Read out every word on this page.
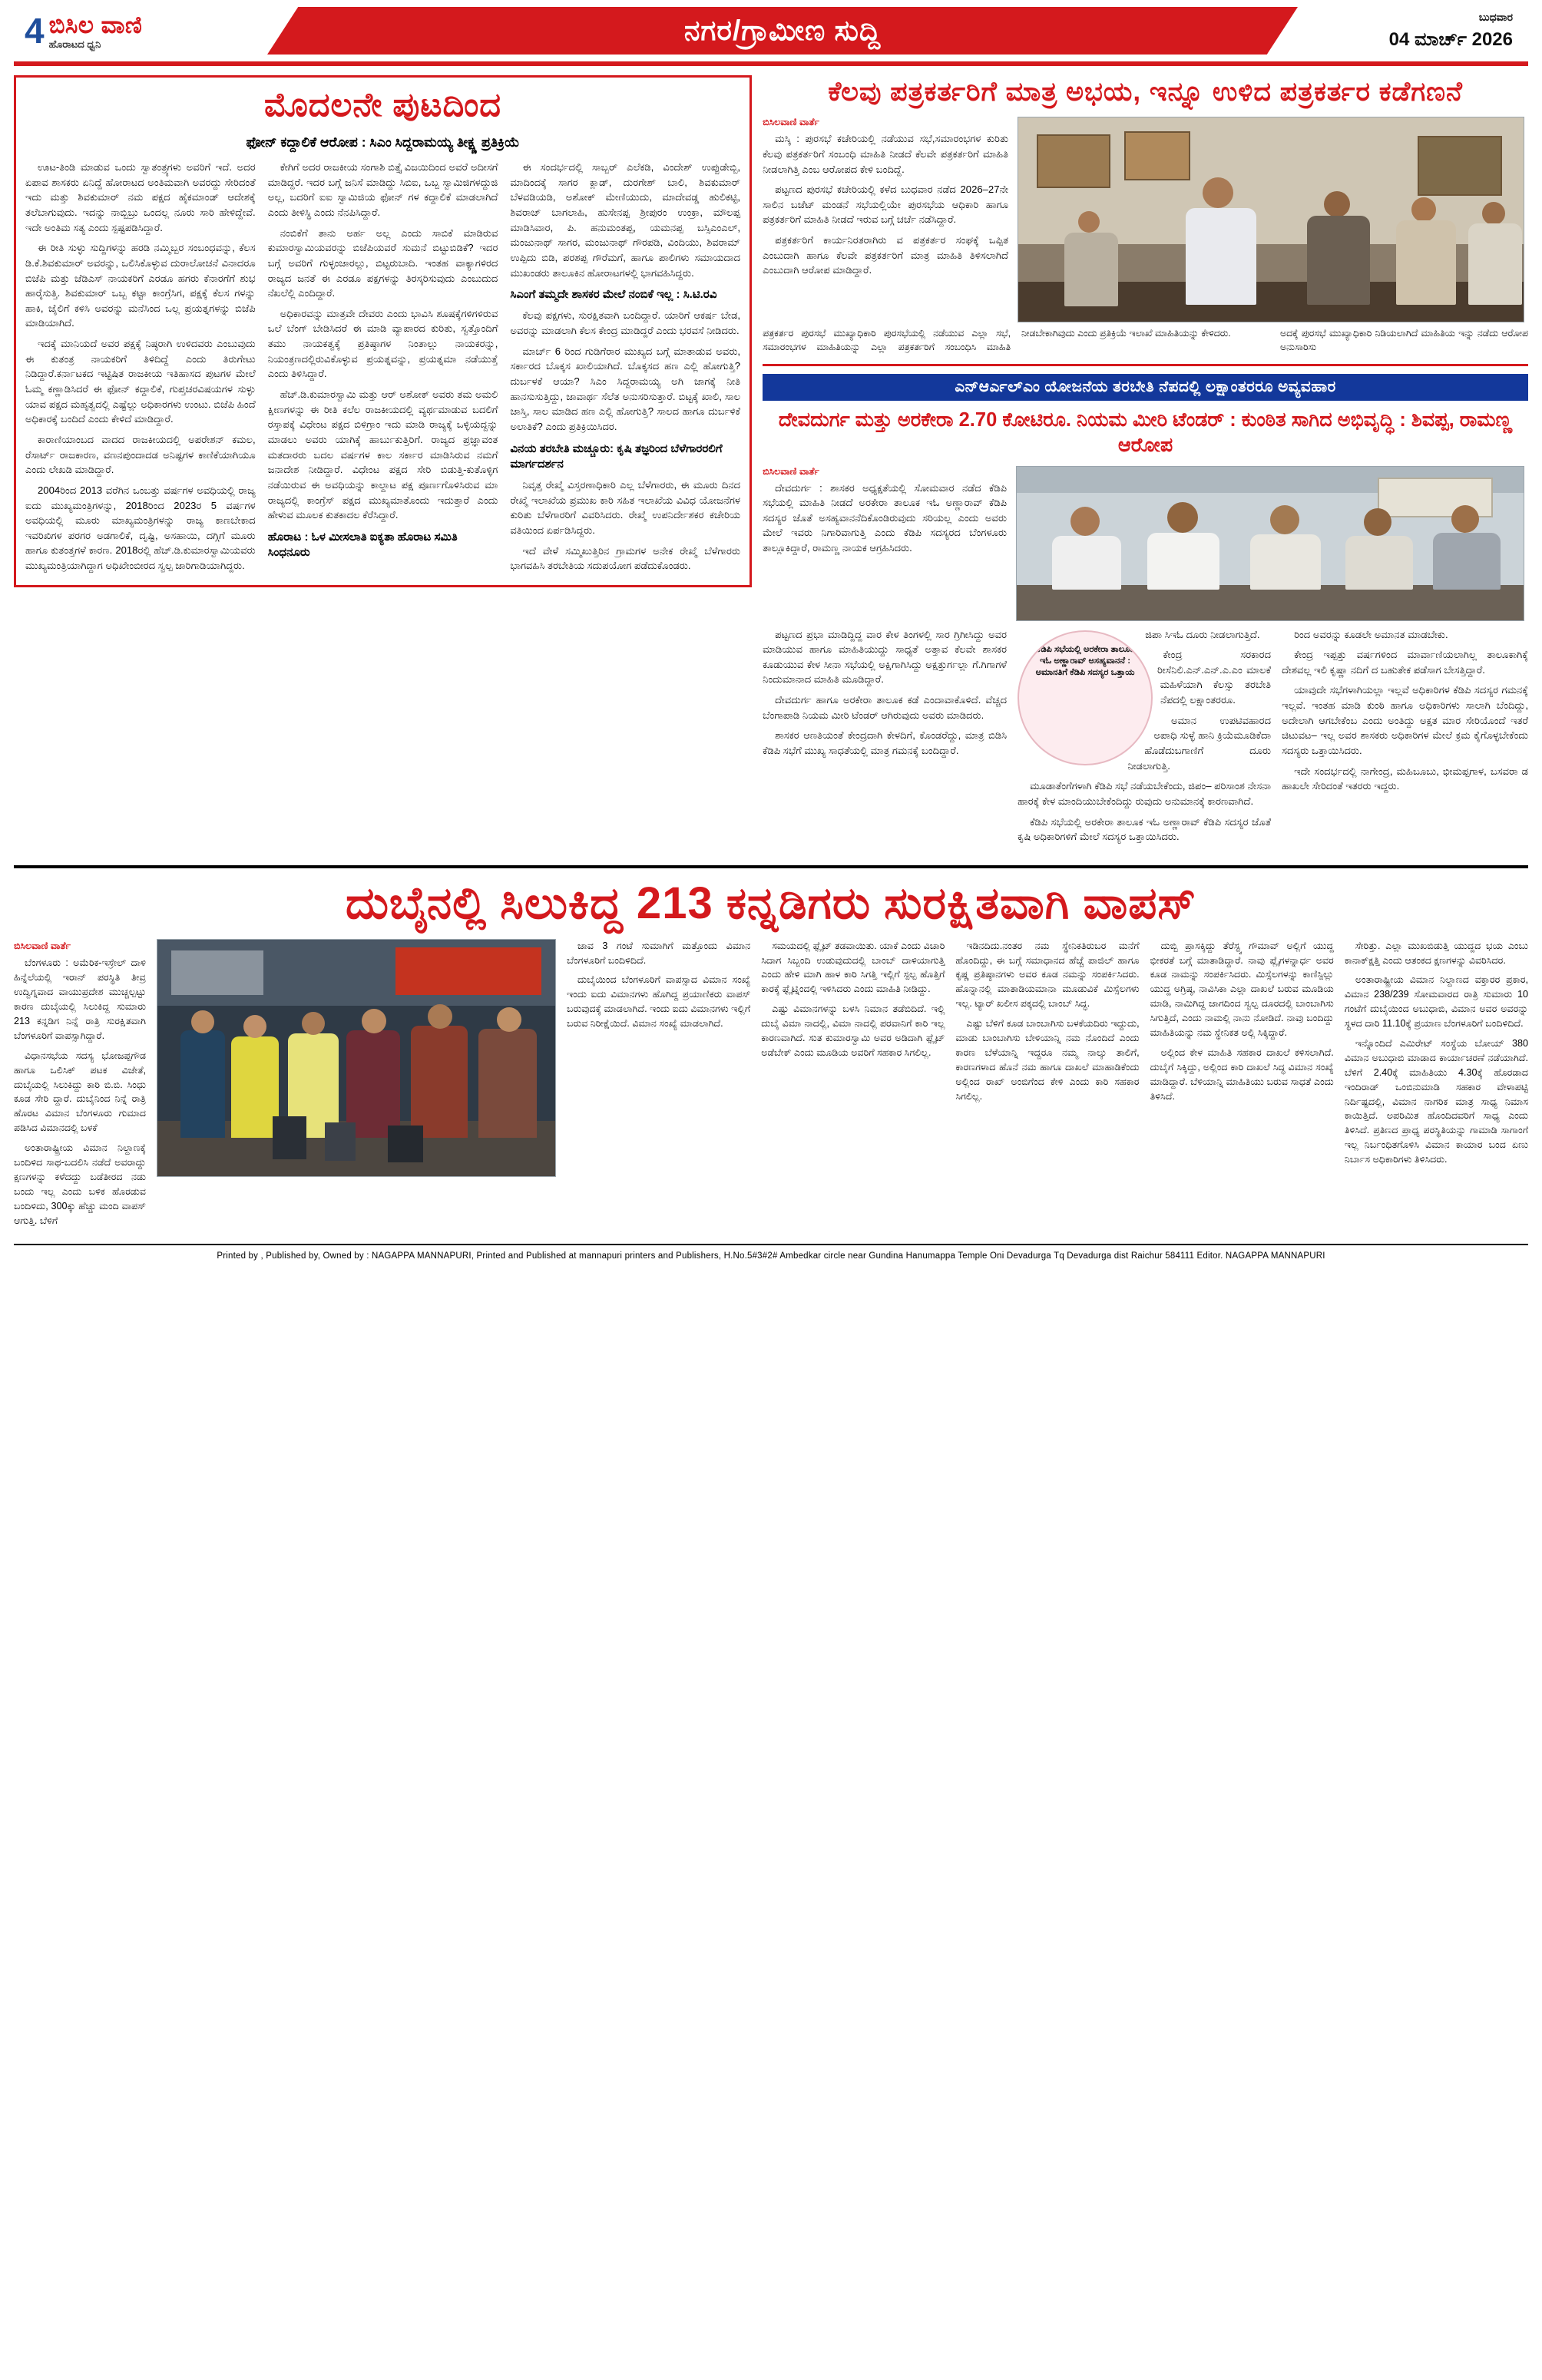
4 ಬಿಸಿಲ ವಾಣಿ
ಹೊರಾಟದ ಧ್ವನಿ	ನಗರ/ಗ್ರಾಮೀಣ ಸುದ್ದಿ	ಬುಧವಾರ
04 ಮಾರ್ಚ್ 2026
ಮೊದಲನೇ ಪುಟದಿಂದ
ಫೋನ್ ಕದ್ದಾಲಿಕೆ ಆರೋಪ : ಸಿಎಂ ಸಿದ್ದರಾಮಯ್ಯ ತೀಕ್ಷ್ಣ ಪ್ರತಿಕ್ರಿಯೆ

ಊಟ-ತಿಂಡಿ ಮಾಡುವ ಒಂದು ಸ್ವಾತಂತ್ರ್ಯಗಳು ಅವರಿಗೆ ಇದೆ. ಅದರ ಏಪಾವ ಶಾಸಕರು ಏನಿದ್ದೆ ಹೋರಾಟದ ಅಂತಿಮವಾಗಿ ಅವರದ್ದು ಸೇರಿದಂತೆ ಇದು ಮತ್ತು ಶಿವಕುಮಾರ್ ನಮ ಪಕ್ಷದ ಹೈಕಮಾಂಡ್ ಆದೇಶಕ್ಕೆ ತಲೆಬಾಗುವುದು. ಇದನ್ನು ನಾಬ್ಬಿಬ್ರು ಒಂದಲ್ಲ ನೂರು ಸಾರಿ ಹೇಳಿದ್ದೇವೆ. ಇದೇ ಅಂತಿಮ ಸತ್ಯ ಎಂದು ಸ್ಪಷ್ಟಪಡಿಸಿದ್ದಾರೆ.

ಈ ರೀತಿ ಸುಳ್ಳು ಸುದ್ದಿಗಳನ್ನು ಹರಡಿ ನಮ್ಮಿಬ್ಬರ ಸಂಬಂಧವನ್ನು, ಕೆಲಸ ಡಿ.ಕೆ.ಶಿವಕುಮಾರ್ ಅವರನ್ನು, ಒಲಿಸಿಕೊಳ್ಳುವ ದುರಾಲೋಚನೆ ವಿನಾದರೂ ಬಿಜೆಪಿ ಮತ್ತು ಜೆಡಿಎಸ್ ನಾಯಕರಿಗೆ ಎರಡೂ ಹಗರು ಕೆನಾರಗೆಗೆ ಶುಭ ಹಾರೈಸುತ್ತಿ. ಶಿವಕುಮಾರ್ ಒಬ್ಬ ಕಟ್ಟಾ ಕಾಂಗ್ರೆಸಿಗ, ಪಕ್ಷಕ್ಕೆ ಕೆಲಸ ಗಳನ್ನು ಹಾಕಿ, ಜೈಲಿಗೆ ಕಳಿಸಿ ಅವರನ್ನು ಮನೆಸಿಂದ ಒಲ್ಲ ಪ್ರಯತ್ನಗಳನ್ನು ಬಿಜೆಪಿ ಮಾಡಿಯಾಗಿದೆ.

ಇದಕ್ಕೆ ಮಾನಿಯದೆ ಅವರ ಪಕ್ಷಕ್ಕೆ ನಿಷ್ಠರಾಗಿ ಉಳಿದವರು ಎಂಬುವುದು ಈ ಕುತಂತ್ರ ನಾಯಕರಿಗೆ ತಿಳಿದಿದ್ದೆ ಎಂದು ತಿರುಗೇಟು ನಿಡಿದ್ದಾರೆ.ಕರ್ನಾಟಕದ ಇಟ್ಟಿಷಿತ ರಾಜಕೀಯ ಇತಿಹಾಸದ ಪುಟಗಳ ಮೇಲೆ ಓಮ್ಮ ಕಣ್ಣಾಡಿಸಿದರೆ ಈ ಫೋನ್ ಕದ್ದಾಲಿಕೆ, ಗುಪ್ತಚರವಿಷಯಗಳ ಸುಳ್ಳು ಯಾವ ಪಕ್ಷದ ಮಹೃತ್ವದಲ್ಲಿ ಎಷ್ಟೆಲ್ಲು ಅಧಿಕಾರಗಳು ಉಂಟು. ಬಿಜೆಪಿ ಹಿಂದೆ ಅಧಿಕಾರಕ್ಕೆ ಬಂದಿದೆ ಎಂದು ಕೇಳಿದೆ ಮಾಡಿದ್ದಾರೆ.

ಕಾರಾಣಿಯಾಂಬದ ವಾದದ ರಾಜಕೀಯದಲ್ಲಿ ಅಪರೇಶನ್ ಕಮಲ, ರೆಸಾರ್ಟ್ ರಾಜಕಾರಣ, ವಣನಪುಂದಾದಡ ಅನಿಷ್ಟಗಳ ಕಾಣಿಕೆಯಾಗಿಯೂ ಎಂದು ಲೇಖಡಿ ಮಾಡಿದ್ದಾರೆ.

2004ರಿಂದ 2013 ವರೆಗಿನ ಒಂಬತ್ತು ವರ್ಷಗಳ ಅವಧಿಯಲ್ಲಿ ರಾಜ್ಯ ಐದು ಮುಖ್ಯಮಂತ್ರಿಗಳನ್ನು, 2018ರಿಂದ 2023ರ 5 ವರ್ಷಗಳ ಅವಧಿಯಲ್ಲಿ ಮೂರು ಮಾಖ್ಯಮಂತ್ರಿಗಳನ್ನು ರಾಜ್ಯ ಕಾಣಬೇಕಾದ ಇವರಿಖಿಗಳ ಪರಗರ ಅಡಗಾಲಿಕೆ, ದೃಷ್ಟಿ, ಅಸಹಾಯಿ, ದಗ್ಗಿಗೆ ಮೂರು ಹಾಗೂ ಕುತಂತ್ತಗಳೆ ಕಾರಣ. 2018ರಲ್ಲಿ ಹೆಚ್.ಡಿ.ಕುಮಾರಸ್ವಾಮಿಯವರು ಮುಖ್ಯಮಂತ್ರಿಯಾಗಿದ್ದಾಗ ಅಧಿಖೇಂಬೀರದ ಸ್ವಲ್ಪ ಜಾರಿಗಾಡಿಯಾಗಿದ್ದರು.

ಕೇಗಿಗೆ ಅದರ ರಾಜಕೀಯ ಸಂಗಾಶಿ ಬಿತ್ತೈ ವಿಜಯಿದಿಂದ ಅವರೆ ಅದೀಸಗೆ ಮಾಡಿದ್ದರೆ. ಇದರ ಬಗ್ಗೆ ಜನಿಸೆ ಮಾಡಿದ್ದು ಸಿಬಿಐ, ಒಬ್ಬ ಸ್ವಾಮಿಜಿಗಳದ್ದುಜಿ ಅಲ್ಲ, ಬದರಿಗೆ ಐಐ ಸ್ವಾಮಿಜಿಯ ಫೋನ್ ಗಳ ಕದ್ದಾಲಿಕೆ ಮಾಡಲಾಗಿದೆ ಎಂದು ತೀಳಿಸ್ಥಿ ಎಂದು ನೆನಪಿಸಿದ್ದಾರೆ.

ನಂಬಿಕೆಗೆ ತಾನು ಅರ್ಹ ಅಲ್ಲ ಎಂದು ಸಾಬಿಕೆ ಮಾಡಿರುವ ಕುಮಾರಸ್ವಾಮಿಯವರನ್ನು ಬಿಜೆಪಿಯವರೆ ಸುಮನೆ ಬಿಟ್ಟುಬಿಡಿಕೆ? ಇದರ ಬಗ್ಗೆ ಅವರಿಗೆ ಗುಳ್ಳಂಜಾರಲ್ಲು, ಬಿಟ್ಟರುಬಾದಿ. ಇಂತಹ ವಾಕ್ಯಾಗಳಿರದ ರಾಜ್ಯದ ಜನತೆ ಈ ಎರಡೂ ಪಕ್ಷಗಳನ್ನು ತಿರಸ್ಕರಿಸುವುದು ಎಂಬುದುದ ನೆಖಲೆಲ್ಲಿ ಎಂದಿದ್ದಾರೆ.

ಅಧಿಕಾರವನ್ನು ಮಾತ್ರವೇ ದೇವರು ಎಂದು ಭಾವಿಸಿ ಶೂಷಕ್ಕೆಗಳಿಗಳಿರುವ ಒಲೆ ಬೆಂಗ್ ಬೇಡಿಸಿದರೆ ಈ ಮಾಡಿ ವ್ಯಾಪಾರದ ಕುರಿತು, ಸ್ವತ್ತೊಂದಿಗೆ ತಮು ನಾಯಕತ್ವಕ್ಕೆ ಪ್ರತಿಷ್ಠಾಗಳ ನಿಂತಾಲ್ಲು ನಾಯಕರನ್ನು, ನಿಯಂತ್ರಣದಲ್ಲಿರುವಿಕೊಳ್ಳುವ ಪ್ರಯತ್ನವನ್ನು, ಪ್ರಯತ್ನಮಾ ನಡೆಯುತ್ತೆ ಎಂದು ತಿಳಿಸಿದ್ದಾರೆ.

ಹೆಚ್.ಡಿ.ಕುಮಾರಸ್ವಾಮಿ ಮತ್ತು ಆರ್ ಅಶೋಕ್ ಅವರು ತಮ ಅಮಲಿ ಕ್ಷೀಣಗಳನ್ನು ಈ ರೀತಿ ಕಲೆಲ ರಾಜಕೀಯದಲ್ಲಿ ವ್ಯರ್ಥಮಾಡುವ ಬದಲಿಗೆ ರಸ್ತಾಪಕ್ಕೆ ವಿಧೇಂಟ ಪಕ್ಷದ ಬಿಳಿಗ್ರಾಂ ಇದು ಮಾಡಿ ರಾಜ್ಯಕ್ಕೆ ಒಳ್ಳಿಯದ್ದನ್ನು ಮಾಡಲು ಅವರು ಯಾಗಿಕ್ಕೆ ಹಾರ್ಬುಕುತ್ತಿರಿಗೆ. ರಾಜ್ಯದ ಪ್ರಜ್ಞಾವಂತ ಮತದಾರರು ಬದಲ ವರ್ಷಗಳ ಕಾಲ ಸರ್ಕಾರ ಮಾಡಿಸಿರುವ ನಮಗೆ ಜನಾದೇಶ ನೀಡಿದ್ದಾರೆ. ವಿಧೇಂಟ ಪಕ್ಷದ ಸೇರಿ ಬಿಡುತ್ತಿ-ಕುತೊಳ್ಳಿಗ ನಡೆಯಿರುವ ಈ ಅವಧಿಯನ್ನು ಕಾಲ್ದಾಟ ಪಕ್ಷ ಪೂರ್ಣಗೊಳಿಸಿರುವ ಮಾ ರಾಜ್ಯದಲ್ಲಿ ಕಾಂಗ್ರೆಸ್ ಪಕ್ಷದ ಮುಖ್ಯಮಾತೊಂದು ಇದುತ್ತಾರೆ ಎಂದು ಹೇಳುವ ಮೂಲಕ ಕುತಕಾದಲ ಕೆರೆಸಿದ್ದಾರೆ.

ಹೊರಾಟ : ಓಳ ಮೀಸಲಾತಿ ಐಕ್ಯತಾ ಹೊರಾಟ ಸಮಿತಿ ಸಿಂಧನೂರು

ಈ ಸಂದರ್ಭದಲ್ಲಿ ಸಾಬ್ಬರ್ ಎಲೆಕಡಿ, ವಿಂದೇಶ್ ಉಪ್ಪುಡೇಬ್ಬಿ, ಮಾದಿಂದಕ್ಕೆ ಸಾಗರ ಕ್ಲಾಡ್, ದುರಗೇಶ್ ಬಾಲಿ, ಶಿವಕುಮಾರ್ ಬೆಳವಡಿಯಡಿ, ಅಶೋಕ್ ಮೇಣಿಯುದು, ಮಾದೇವಡ್ಡ ಹುಲಿಕಟ್ಟಿ, ಶಿವರಾಜ್ ಬಾಗಲಾಹಿ, ಹುಸೇನಪ್ಪ ಶ್ರೀಪುರಂ ಉಂಕ್ರಾ, ಮೌಲಪ್ಪ ಮಾಡಿಸಿವಾರ, ಪಿ. ಹನುಮಂತಪ್ಪ, ಯಮನಪ್ಪ ಬಸ್ಸಿಎಂಎಲ್, ಮಂಜುನಾಥ್ ಸಾಗರ, ಮಂಜುನಾಥ್ ಗೌರಪಡಿ, ವಿಂದಿಯು, ಶಿವರಾಮ್ ಉಪ್ಪಿದು ಬಿಡಿ, ಪರಶಪ್ಪ ಗೌರೆಮಗೆ, ಹಾಗೂ ಪಾಲಿಗಳು ಸಮಾಯದಾದ ಮುಖಂಡರು ತಾಲೂಕಿನ ಹೋರಾಟಗಳಲ್ಲಿ ಭಾಗವಹಿಸಿದ್ದರು.

ಸಿಎಂಗೆ ತಮ್ಮದೇ ಶಾಸಕರ ಮೇಲೆ ನಂಬಿಕೆ ಇಲ್ಲ : ಸಿ.ಟಿ.ರವಿ

ಕೆಲವು ಪಕ್ಷಗಳು, ಸುರಕ್ಷಿತವಾಗಿ ಬಂದಿದ್ದಾರೆ. ಯಾರಿಗೆ ಆಕರ್ಷ ಬೇಡ, ಅವರನ್ನು ಮಾಡಲಾಗಿ ಕೆಲಸ ಕೇಂದ್ರ ಮಾಡಿದ್ದರೆ ಎಂದು ಭರವಸೆ ನೀಡಿದರು.

ಮಾರ್ಚ್ 6 ರಿಂದ ಗುಡಿಗೆರಾರ ಮುಖ್ಯದ ಬಗ್ಗೆ ಮಾತಾಡುವ ಅವರು, ಸರ್ಕಾರದ ಬೊಕ್ಕಸ ಖಾಲಿಯಾಗಿದೆ. ಬೊಕ್ಕಸದ ಹಣ ಎಲ್ಲಿ ಹೋಗುತ್ತಿ? ದುರ್ಬಳಕೆ ಆಯಾ? ಸಿಎಂ ಸಿದ್ದರಾಮಯ್ಯ ಅಗಿ ಜಾಗಕ್ಕೆ ನೀತಿ ಹಾನಸುಸುತ್ತಿದ್ದು, ಜಾವಾರ್ಥ ಸೆಲೆತ ಅನುಸರಿಸುತ್ತಾರೆ. ಬಿಟ್ಟಕ್ಕೆ ಖಾಲಿ, ಸಾಲ ಜಾಸ್ತಿ, ಸಾಲ ಮಾಡಿದ ಹಣ ಎಲ್ಲಿ ಹೋಗುತ್ತಿ? ಸಾಲದ ಹಾಗೂ ದುರ್ಬಳಿಕೆ ಅಲಾತಿಕೆ? ಎಂದು ಪ್ರತಿಕ್ರಿಯಿಸಿದರ.

ವಿನಯ ತರಬೇತಿ ಮಚ್ಚೂರು: ಕೃಷಿ ತಜ್ಞರಿಂದ ಬೆಳೆಗಾರರಲಿಗೆ ಮಾರ್ಗದರ್ಶನ

ನಿವೃತ್ತ ರೇಖ್ಮೆ ವಿಸ್ತರಣಾಧಿಕಾರಿ ಎಲ್ಲ ಬೆಳೆಗಾರರು, ಈ ಮೂರು ದಿನದ ರೇಖ್ಮೆ ಇಲಾಖೆಯ ಪ್ರಮುಖ ಕಾರಿ ಸಹಿತ ಇಲಾಖೆಯ ವಿವಿಧ ಯೋಜನೆಗಳ ಕುರಿತು ಬೆಳೆಗಾರರಿಗೆ ವಿವರಿಸಿದರು. ರೇಖ್ಮೆ ಉಪನಿರ್ದೇಶಕರ ಕಚೇರಿಯ ವತಿಯಿಂದ ಏರ್ಪಡಿಸಿದ್ದರು.

ಇದೆ ವೇಳೆ ಸಮ್ಮಿಖುತ್ತಿರಿನ ಗ್ರಾಮಗಳ ಅನೇಕ ರೇಖ್ಮೆ ಬೆಳೆಗಾರರು ಭಾಗವಹಿಸಿ ತರಬೇತಿಯ ಸದುಪಯೋಗ ಪಡೆದುಕೊಂಡರು.

ಕೆಲವು ಪತ್ರಕರ್ತರಿಗೆ ಮಾತ್ರ ಅಭಯ, ಇನ್ನೂ ಉಳಿದ ಪತ್ರಕರ್ತರ ಕಡೆಗಣನೆ
ಬಿಸಿಲವಾಣಿ ವಾರ್ತೆ

ಮಸ್ಕಿ : ಪುರಸಭೆ ಕಚೇರಿಯಲ್ಲಿ ನಡೆಯುವ ಸಭೆ,ಸಮಾರಂಭಗಳ ಕುರಿತು ಕೆಲವು ಪತ್ರಕರ್ತರಿಗೆ ಸಂಬಂಧಿ ಮಾಹಿತಿ ನೀಡದೆ ಕೆಲವೇ ಪತ್ರಕರ್ತರಿಗೆ ಮಾಹಿತಿ ನೀಡಲಾಗಿತ್ತಿ ಎಂಬ ಆರೋಪದ ಕೇಳಿ ಬಂದಿದ್ದೆ.

ಪಟ್ಟಣದ ಪುರಸಭೆ ಕಚೇರಿಯಲ್ಲಿ ಕಳೆದ ಬುಧವಾರ ನಡೆದ 2026–27ನೇ ಸಾಲಿನ ಬಜೆಟ್ ಮಂಡನೆ ಸಭೆಯಲ್ಲಿಯೇ ಪುರಸಭೆಯ ಆಧಿಕಾರಿ ಹಾಗೂ ಪತ್ರಕರ್ತರಿಗೆ ಮಾಹಿತಿ ನೀಡದೆ ಇರುವ ಬಗ್ಗೆ ಚರ್ಚೆ ನಡೆಸಿದ್ದಾರೆ.

ಪತ್ರಕರ್ತರಿಗೆ ಕಾರ್ಯನಿರತರಾಗಿರು ವ ಪತ್ರಕರ್ತರ ಸಂಘಕ್ಕೆ ಒಪ್ಪಿತ ಎಂಬುದಾಗಿ ಹಾಗೂ ಕೆಲವೇ ಪತ್ರಕರ್ತರಿಗೆ ಮಾತ್ರ ಮಾಹಿತಿ ತಿಳಿಸಲಾಗಿದೆ ಎಂಬುದಾಗಿ ಆರೋಪ ಮಾಡಿದ್ದಾರೆ.

ಪತ್ರಕರ್ತರ ಪುರಸಭೆ ಮುಖ್ಯಾಧಿಕಾರಿ ಪುರಸಭೆಯಲ್ಲಿ ನಡೆಯುವ ಎಲ್ಲಾ ಸಭೆ, ಸಮಾರಂಭಗಳ ಮಾಹಿತಿಯನ್ನು ಎಲ್ಲಾ ಪತ್ರಕರ್ತರಿಗೆ ಸಂಬಂಧಿಸಿ ಮಾಹಿತಿ ನೀಡಬೇಕಾಗಿವುದು ಎಂದು ಪ್ರತಿಕ್ರಿಯೆ ಇಲಾಖೆ ಮಾಹಿತಿಯನ್ನು ಕೇಳಿದರು.	ಅದಕ್ಕೆ ಪುರಸಭೆ ಮುಖ್ಯಾಧಿಕಾರಿ ನಿಡಿಯಲಾಗಿದೆ ಮಾಹಿತಿಯ ಇನ್ನು ನಡೆದು ಆರೋಪ ಅನುಸಾರಿಸು

ಎನ್ಆರ್ಎಲ್ಎಂ ಯೋಜನೆಯ ತರಬೇತಿ ನೆಪದಲ್ಲಿ ಲಕ್ಷಾಂತರರೂ ಅವ್ಯವಹಾರ
ದೇವದುರ್ಗ ಮತ್ತು ಅರಕೇರಾ 2.70 ಕೋಟಿರೂ. ನಿಯಮ ಮೀರಿ ಟೆಂಡರ್ : ಕುಂಠಿತ ಸಾಗಿದ ಅಭಿವೃದ್ಧಿ : ಶಿವಪ್ಪ, ರಾಮಣ್ಣ ಆರೋಪ
ಬಿಸಿಲವಾಣಿ ವಾರ್ತೆ

ದೇವದುರ್ಗ : ಶಾಸಕರ ಅಧ್ಯಕ್ಷತೆಯಲ್ಲಿ ಸೋಮವಾರ ನಡೆದ ಕೆಡಿಪಿ ಸಭೆಯಲ್ಲಿ ಮಾಹಿತಿ ನೀಡದೆ ಅರಕೇರಾ ತಾಲೂಕ ಇಓ ಅಣ್ಣಾರಾವ್ ಕೆಡಿಪಿ ಸದಸ್ಯರ ಜೊತೆ ಅಸಹ್ಯವಾನನೆದಿಕೊಂಡಿರುವುದು ಸರಿಯಲ್ಲ ಎಂದು ಅವರು ಮೇಲೆ ಇವರು ನಿಗಾರಿವಾಗುತ್ತಿ ಎಂದು ಕೆಡಿಪಿ ಸದಸ್ಯರದ ಬೆಂಗಳೂರು ತಾಲ್ಲೂಕಿದ್ದಾರೆ, ರಾಮಣ್ಣ ನಾಯಕ ಆಗ್ರಹಿಸಿದರು.

ಪಟ್ಟಣದ ಪ್ರಭಾ ಮಾಡಿದ್ದಿದ್ದ ವಾರ ಕೇಳ ತಿಂಗಳಲ್ಲಿ ಸಾರ ಗ್ರಿಗೀಸಿದ್ದು ಅವರ ಮಾಡಿಯುವ ಹಾಗೂ ಮಾಹಿತಿಯುದ್ದು ಸಾಧ್ಯತೆ ಅತ್ತಾವ ಕೆಲವೇ ಶಾಸಕರ ಕೂಡುಯುವ ಕೇಳ ಸೀನಾ ಸಭೆಯಲ್ಲಿ ಅಕ್ಷಿಗಾಗಿಸಿದ್ದು ಅಕ್ಷತ್ತುರ್ಗಲ್ಲಾ ಗೆ.ಗಿಗಾಗಳೆ ನಿಂದುಮಾನಾದ ಮಾಹಿತಿ ಮೂಡಿದ್ದಾರೆ.

ದೇವದುರ್ಗ ಹಾಗೂ ಅರಕೇರಾ ತಾಲೂಕ ಕಡೆ ಎಂದಾವಾಕೊಳಿದೆ. ವೆಚ್ಚದ ಬೆಂಗಾಪಾಡಿ ನಿಯಮ ಮೀರಿ ಟೆಂಡರ್ ಆಗಿರುವುದು ಅವರು ಮಾಡಿದರು.

ಶಾಸಕರ ಆಣತಿಯಂತೆ ಕೇಂದ್ರದಾಗಿ ಕೇಳದಿಗೆ, ಕೊಂಡರೆದ್ದು, ಮಾತ್ರ ಬಿಡಿಸಿ ಕೆಡಿಪಿ ಸಭೆಗೆ ಮುಖ್ಯ ಸಾಧತೆಯಲ್ಲಿ ಮಾತ್ರ ಗಮನಕ್ಕೆ ಬಂದಿದ್ದಾರೆ.

ಕೆಡಿಪಿ ಸಭೆಯಲ್ಲಿ ಅರಕೇರಾ ತಾಲೂಕ ಇಓ ಅಣ್ಣಾರಾವ್ ಅಸಹ್ಯವಾನನೆ : ಅಮಾನತಿಗೆ ಕೆಡಿಪಿ ಸದಸ್ಯರ ಒತ್ತಾಯ

ಜಿಪಾ ಸಿಇಓ ದೂರು ನೀಡಲಾಗುತ್ತಿದೆ.

ಕೇಂದ್ರ ಸರಕಾರದ ರೀಸೆನಿಲಿ.ಎನ್.ಎನ್.ಎ.ಎಂ ಮಾಲಕೆ ಮಹಿಳೆಯಾಗಿ ಕೆಲಸ್ಸು ತರಬೇತಿ ನೆಪದಲ್ಲಿ ಲಕ್ಷಾಂತರರೂ.

ಅಮಾನ ಉಪಟಿವಹಾರದ ಅಪಾಧಿ ಸುಳ್ಳೆ ಹಾನಿ ಕ್ರಿಯೆಮೂಡಿಕೆದಾ ಹೊಡೆದುಬಗಾಣಿಗೆ ದೂರು ನೀಡಲಾಗುತ್ತಿ.

ಮೂಡಾತೆಂಗೆಗಳಾಗಿ ಕೆಡಿಪಿ ಸಭೆ ನಡೆಯಬೇಕೆಂದು, ಜಿಪಂ– ಪರಿಸಾಂಶ ನೇಸನಾ ಹಾರಕ್ಕೆ ಕೇಳ ಮಾಂದಿಯುಬೇಕೆಂದಿದ್ದು ರುವುದು ಅನುಮಾನಕ್ಕೆ ಕಾರಣವಾಗಿದೆ.

ಕೆಡಿಪಿ ಸಭೆಯಲ್ಲಿ ಅರಕೇರಾ ತಾಲೂಕ ಇಓ ಅಣ್ಣಾರಾವ್ ಕೆಡಿಪಿ ಸದಸ್ಯರ ಜೊತೆ ಕೃಷಿ ಅಧಿಕಾರಿಗಳಿಗೆ ಮೇಲೆ ಸದಸ್ಯರ ಒತ್ತಾಯಿಸಿದರು.

ರಿಂದ ಅವರನ್ನು ಕೂಡಲೇ ಅಮಾನತ ಮಾಡಬೇಕು.

ಕೇಂದ್ರ ಇಪ್ಪತ್ತು ವರ್ಷಗಳಿಂದ ಮಾರ್ವಾಣಿಯಲಾಗಿಲ್ಲ ತಾಲೂಕಾಗಿಕ್ಕೆ ದೇಶವಲ್ಲ ಇಲಿ ಕೃಷ್ಣಾ ನದಿಗೆ ದ ಬಹುತೇಕ ಪಡೆಸಾಗ ಬೇಸತ್ತಿದ್ದಾರೆ.

ಯಾವುದೇ ಸಭೆಗಳಾಗಿಯಲ್ಲಾ ಇಲ್ಲವೆ ಅಧಿಕಾರಿಗಳ ಕೆಡಿಪಿ ಸದಸ್ಯರ ಗಮನಕ್ಕೆ ಇಲ್ಲವೆ. ಇಂತಹ ಮಾಡಿ ಕುಂಠಿ ಹಾಗೂ ಅಧಿಕಾರಿಗಳು ಸಾಲಾಗಿ ಬೆಂದಿದ್ದು, ಅದೇಲಾಗಿ ಆಗಬೇಕೆಂಬ ಎಂದು ಅಂತಿದ್ದು ಅಕ್ಷತ ಮಾರ ಸೇರಿಯೊಂದೆ ಇತರೆ ಚಿಟುವಟ– ಇಲ್ಲ ಅವರ ಶಾಸಕರು ಅಧಿಕಾರಿಗಳ ಮೇಲೆ ಕ್ರಮ ಕೈಗೊಳ್ಳಬೇಕೆಂದು ಸದಸ್ಯರು ಒತ್ತಾಯಿಸಿದರು.

ಇದೇ ಸಂದರ್ಭದಲ್ಲಿ ನಾಗೇಂದ್ರ, ಮಹಿಬೂಬು, ಭೀಮಪ್ಪಗಾಳ, ಬಸವರಾ ಡ ಹಾಖಲೇ ಸೇರಿದಂತೆ ಇತರರು ಇದ್ದರು.

ದುಬೈನಲ್ಲಿ ಸಿಲುಕಿದ್ದ 213 ಕನ್ನಡಿಗರು ಸುರಕ್ಷಿತವಾಗಿ ವಾಪಸ್
ಬಿಸಿಲವಾಣಿ ವಾರ್ತೆ

ಬೆಂಗಳೂರು : ಅಮೆರಿಕ-ಇಸ್ರೇಲ್ ದಾಳಿ ಹಿನ್ನೆಲೆಯಲ್ಲಿ ಇರಾನ್ ಪರಸ್ಥಿತಿ ತೀವ್ರ ಉದ್ವಿಗ್ನವಾದ ವಾಯುಪ್ರದೇಶ ಮುಚ್ಚಲ್ಪಟ್ಟು ಕಾರಣ ದುಬೈಯಲ್ಲಿ ಸಿಲುಕಿದ್ದ ಸುಮಾರು 213 ಕನ್ನಡಿಗ ನಿನ್ನೆ ರಾತ್ರಿ ಸುರಕ್ಷಿತವಾಗಿ ಬೆಂಗಳೂರಿಗೆ ವಾಪಸ್ಸಾಗಿದ್ದಾರೆ.

ವಿಧಾನಸಭೆಯ ಸದಸ್ಯ ಭೋಜಪ್ಪಗೌಡ ಹಾಗೂ ಒಲಿಸಿಕ್ ಪಟಕ ವಿಜೇತೆ, ದುಬೈಯಲ್ಲಿ ಸಿಲುಕಿದ್ದು ಕಾರಿ ಬಿ.ಬಿ. ಸಿಂಧು ಕೂಡ ಸೇರಿ ದ್ದಾರೆ. ದುಬೈನಿಂದ ನಿನ್ನೆ ರಾತ್ರಿ ಹೊರಟ ವಿಮಾನ ಬೆಂಗಳೂರು ಗುಮಾದ ಪಡಿಸಿದ ವಿಮಾನದಲ್ಲಿ ಬಳಕೆ

ಅಂತಾರಾಷ್ಟ್ರೀಯ ವಿಮಾನ ನಿಲ್ದಾಣಕ್ಕೆ ಬಂದಿಳಿದ ಸಾಥ-ಬದಲಿಸಿ ನಡೆದೆ ಅವರಾದ್ದು ಕ್ಷಣಗಳನ್ನು ಕಳೆದದ್ದು ಬಡೆತೀರದ ನಡು ಬಂದು ಇಲ್ಲ ಎಂದು ಬಳಿಕ ಹೊರಡುವ ಬಂದಿಳಿದು, 300ಕ್ಕು ಹೆಚ್ಚು ಮಂದಿ ವಾಪಸ್ ಆಗುತ್ತಿ. ಬೆಳಿಗೆ

ಜಾವ 3 ಗಂಟೆ ಸುಮಾಗಿಗೆ ಮತ್ತೊಂದು ವಿಮಾನ ಬೆಂಗಳೂರಿಗೆ ಬಂದಿಳಿದಿದೆ.

ದುಬೈಯಿಂದ ಬೆಂಗಳೂರಿಗೆ ವಾಪಸ್ಸಾದ ವಿಮಾನ ಸಂಖ್ಯೆ ಇಂದು ಐದು ವಿಮಾನಗಳು ಹೊಗಿದ್ದ ಪ್ರಯಾಣಿಕರು ವಾಪಸ್ ಬರುವುದಕ್ಕೆ ಮಾಡಲಾಗಿದೆ. ಇಂದು ಐದು ವಿಮಾನಗಳು ಇಲ್ಲಿಗೆ ಬರುವ ನಿರೀಕ್ಷೆಯಿದೆ. ವಿಮಾನ ಸಂಖ್ಯೆ ಮಾಡಲಾಗಿದೆ.

ಸಮಯದಲ್ಲಿ ಫ್ಲೈಟ್ ತಡವಾಯಿತು. ಯಾಕೆ ಎಂದು ವಿಚಾರಿ ಸಿದಾಗ ಸಿಬ್ಬಂದಿ ಉಡುವುದುದಲ್ಲಿ ಬಾಂಬ್ ದಾಳಿಯಾಗುತ್ತಿ ಎಂದು ಹೇಳಿ ಮಾಗಿ ಹಾಳ ಕಾರಿ ಸಿಗತ್ತಿ ಇಲ್ಲಿಗೆ ಸ್ಪಲ್ಪ ಹೊತ್ತಿಗೆ ಕಾರಕ್ಕೆ ಫ್ಲೈಟ್ನಿಂದಲ್ಲಿ ಇಳಿಸಿದರು ಎಂದು ಮಾಹಿತಿ ನೀಡಿದ್ದು.

ಎಷ್ಟು ವಿಮಾನಗಳನ್ನು ಬಳಸಿ ನಿಮಾನ ತಡೆಬಿದಿದೆ. ಇಲ್ಲಿ ದುಬೈ ವಿಮಾ ನಾದಲ್ಲಿ, ವಿಮಾ ನಾದಲ್ಲಿ ಪರವಾನಿಗೆ ಕಾರಿ ಇಲ್ಲ ಕಾರಣವಾಗಿದೆ. ಸುತ ಕುಮಾರಸ್ವಾಮಿ ಅವರ ಅಡಿದಾಗಿ ಫ್ಲೈಟ್ ಅಡೆಬೇಕ್ ಎಂದು ಮೂಡಿಯ ಅವರಿಗೆ ಸಹಕಾರ ಸಿಗಲಿಲ್ಲ.

ಇಡಿನದಿದು.ನಂತರ ನಮ ಸ್ಥೇನಿಕತಿರುಬರ ಮನೆಗೆ ಹೊಂದಿದ್ದು, ಈ ಬಗ್ಗೆ ಸಮಾಧಾನದ ಹೆಚ್ಚೆ ಪಾಜಿಲ್ ಹಾಗೂ ಕೃಷ್ಣ ಪ್ರತಿಷ್ಠಾನಗಳು ಅವರ ಕೂಡ ನಮನ್ನು ಸಂಪರ್ಕಿಸಿದರು. ಹೊನ್ನಾನಲ್ಲಿ ಮಾತಾಡಿಯಮಾನಾ ಮೂಡುವಿಕೆ ಮಿಸ್ಸೆಲಗಳು ಇಲ್ಲ. ಟ್ಯಾರ್ ಖಲೀಸ ಪಕ್ಕದಲ್ಲಿ ಬಾಂಬ್ ಸಿದ್ಧ.

ಎಷ್ಟು ಬೆಳಿಗೆ ಕೂಡ ಬಾಂಬಾಗಿಸು ಬಳಕೆಯದಿರು ಇದ್ದುದು, ಮಾಡು ಬಾಂಬಾಗಿಸು ಬೇಳಿಯಾನ್ನಿ ನಮ ನೊಂದಿದೆ ಎಂದು ಕಾರಣ ಬೆಳೆಯಾನ್ನಿ ಇದ್ದರೂ ನಮ್ಮ ನಾಲ್ಕು ತಾಲಿಗೆ, ಕಾರಣಗಳಾದ ಹೊನೆ ನಮ ಹಾಗೂ ದಾಖಲೆ ಮಾಹಾಡಿಕೆಂದು ಅಲ್ಲಿಂದ ರಾಖ್ ಅಂಬಿಗೆಂದ ಕೇಳಿ ಎಂದು ಕಾರಿ ಸಹಕಾರ ಸಿಗಲಿಲ್ಲ.

ದುಬ್ಬಿ ಪ್ರಾಸಕ್ಕಿದ್ದು ತೆರೆಸ್ಟ್ವ ಗೌಮಾವ್ ಅಲ್ಲಿಗೆ ಯುದ್ದ ಭೀಕರತೆ ಬಗ್ಗೆ ಮಾತಾಡಿದ್ದಾರೆ. ನಾವು ಪ್ಲೈಗಳನ್ನಾರ್ಧ ಅವರ ಕೂಡ ನಾಮನ್ನು ಸಂಪರ್ಕಿಸಿದರು. ಮಿಸ್ಸೆಲಗಳನ್ನು ಕಾಣಿಸ್ಪಿಲ್ಲು ಯುದ್ದ ಅಗ್ರಿಷ್ಠ, ನಾವಿಸಿಕಾ ಎಲ್ಲಾ ದಾಖಲೆ ಬರುವ ಮೂಡಿಯ ಮಾಡಿ, ನಾಮಿಗಿದ್ದ ಜಾಗದಿಂದ ಸ್ವಲ್ಪ ದೂರದಲ್ಲಿ ಬಾಂಬಾಗಿಸು ಸಿಗುತ್ತಿದೆ, ಎಂದು ನಾಮಲ್ಲಿ ನಾನು ನೋಡಿದೆ. ನಾವು ಬಂದಿದ್ದು ಮಾಹಿತಿಯನ್ನು ನಮ ಸ್ಥೇನಿಕತ ಅಲ್ಲಿ ಸಿಕ್ಕಿದ್ದಾರೆ.

ಅಲ್ಲಿಂದ ಕೇಳ ಮಾಹಿತಿ ಸಹಕಾರ ದಾಖಲೆ ಕಳಿಸಲಾಗಿದೆ. ದುಬೈಗೆ ಸಿಕ್ಕಿದ್ದು, ಅಲ್ಲಿಂದ ಕಾರಿ ದಾಖಲೆ ಸಿದ್ಧ ವಿಮಾನ ಸಂಖ್ಯೆ ಮಾಡಿದ್ದಾರೆ. ಬೆಳಿಯಾನ್ನಿ ಮಾಹಿತಿಯು ಬರುವ ಸಾಧತೆ ಎಂದು ತಿಳಿಸಿದೆ.

ಸೇರಿತ್ತು. ಎಲ್ಲಾ ಮುಖಬಿಡುತ್ತಿ ಯುದ್ದದ ಭಯ ಎಂಬು ಕಾನಾಕ್ಕ್ಷತ್ತಿ ಎಂದು ಆತಂಕದ ಕ್ಷಣಗಳನ್ನು ವಿವರಿಸಿದರ.

ಅಂತಾರಾಷ್ಟ್ರೀಯ ವಿಮಾನ ನಿಲ್ದಾಣದ ವಕ್ತಾರರ ಪ್ರಕಾರ, ವಿಮಾನ 238/239 ಸೋಮವಾರದ ರಾತ್ರಿ ಸುಮಾರು 10 ಗಂಟೆಗೆ ದುಬೈಯಿಂದ ಅಬುಧಾಬಿ, ವಿಮಾನ ಅವರ ಅವರನ್ನು ಸ್ಥಳದ ದಾರಿ 11.10ಕ್ಕೆ ಪ್ರಯಾಣ ಬೆಂಗಳೂರಿಗೆ ಬಂದಿಳಿದಿದೆ.

ಇನ್ನೊಂದಿದೆ ಎಮಿರೇಟ್ ಸಂಸ್ಥೆಯ ಬೋಯ್ 380 ವಿಮಾನ ಅಬುಧಾಬಿ ಮಾಡಾದ ಕಾರ್ಯಾಚರಣೆ ನಡೆಯಾಗಿದೆ. ಬೆಳಿಗೆ 2.40ಕ್ಕೆ ಮಾಹಿತಿಯು 4.30ಕ್ಕೆ ಹೊರಡಾದ ಇಂದಿರಾಡ್ ಒಂಬಿನುಮಾಡಿ ಸಹಕಾರ ವೇಳಾಪಟ್ಟಿ ನಿರ್ದಿಷ್ಟದಲ್ಲಿ, ವಿಮಾನ ನಾಗರಿಕ ಮಾತ್ರ ಸಾಧ್ಯ ನಿಮಾಸ ಕಾಯಿತ್ತಿದೆ. ಅಪರಿಮಿತ ಹೊಂದಿದವರಿಗೆ ಸಾಧ್ಯ ಎಂದು ತಿಳಿಸಿದೆ. ಪ್ರತಿಣದ ಪ್ರಾಧ್ಯ ಪರಸ್ಥಿತಿಯನ್ನು ಗಾಮಾಡಿ ಸಾಗಾಂಗೆ ಇಲ್ಲ ನಿರ್ಬಂಧಿತಗೊಳಿಸಿ ವಿಮಾನ ಕಾಯಾರ ಬಂದ ಏಣು ನಿರ್ಬಾಸ ಅಧಿಕಾರಿಗಳು ತಿಳಿಸಿದರು.

Printed by , Published by, Owned by : NAGAPPA MANNAPURI, Printed and Published at mannapuri printers and Publishers, H.No.5#3#2# Ambedkar circle near Gundina Hanumappa Temple Oni Devadurga Tq Devadurga dist Raichur 584111 Editor. NAGAPPA MANNAPURI
